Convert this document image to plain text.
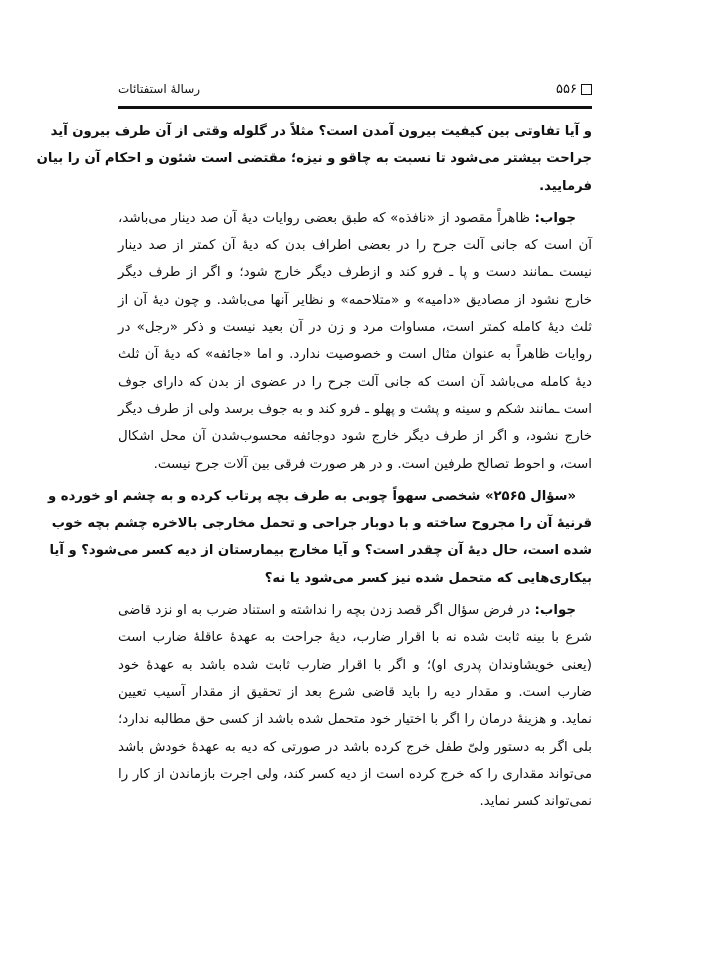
۵۵۶
رسالهٔ استفتائات
و آیا تفاوتی بین کیفیت بیرون آمدن است؟ مثلاً در گلوله وقتی از آن طرف بیرون آید
جراحت بیشتر می‌شود تا نسبت به چاقو و نیزه؛ مقتضی است شئون و احکام آن را بیان
فرمایید.
جواب: ظاهراً مقصود از «نافذه» که طبق بعضی روایات دیهٔ آن صد دینار می‌باشد،
آن است که جانی آلت جرح را در بعضی اطراف بدن که دیهٔ آن کمتر از صد دینار
نیست ـمانند دست و پا ـ فرو کند و ازطرف دیگر خارج شود؛ و اگر از طرف دیگر
خارج نشود از مصادیق «دامیه» و «متلاحمه» و نظایر آنها می‌باشد. و چون دیهٔ آن از
ثلث دیهٔ کامله کمتر است، مساوات مرد و زن در آن بعید نیست و ذکر «رجل» در
روایات ظاهراً به عنوان مثال است و خصوصیت ندارد. و اما «جائفه» که دیهٔ آن ثلث
دیهٔ کامله می‌باشد آن است که جانی آلت جرح را در عضوی از بدن که دارای جوف
است ـمانند شکم و سینه و پشت و پهلو ـ فرو کند و به جوف برسد ولی از طرف دیگر
خارج نشود، و اگر از طرف دیگر خارج شود دوجائفه محسوب‌شدن آن محل اشکال
است، و احوط تصالح طرفین است. و در هر صورت فرقی بین آلات جرح نیست.
«سؤال ۲۵۶۵» شخصی سهواً چوبی به طرف بچه پرتاب کرده و به چشم او خورده و
قرنیهٔ آن را مجروح ساخته و با دوبار جراحی و تحمل مخارجی بالاخره چشم بچه خوب
شده است، حال دیهٔ آن چقدر است؟ و آیا مخارج بیمارستان از دیه کسر می‌شود؟ و آیا
بیکاری‌هایی که متحمل شده نیز کسر می‌شود یا نه؟
جواب: در فرض سؤال اگر قصد زدن بچه را نداشته و استناد ضرب به او نزد قاضی
شرع با بینه ثابت شده نه با اقرار ضارب، دیهٔ جراحت به عهدهٔ عاقلهٔ ضارب است
(یعنی خویشاوندان پدری او)؛ و اگر با اقرار ضارب ثابت شده باشد به عهدهٔ خود
ضارب است. و مقدار دیه را باید قاضی شرع بعد از تحقیق از مقدار آسیب تعیین
نماید. و هزینهٔ درمان را اگر با اختیار خود متحمل شده باشد از کسی حق مطالبه ندارد؛
بلی اگر به دستور ولیّ طفل خرج کرده باشد در صورتی که دیه به عهدهٔ خودش باشد
می‌تواند مقداری را که خرج کرده است از دیه کسر کند، ولی اجرت بازماندن از کار را
نمی‌تواند کسر نماید.
